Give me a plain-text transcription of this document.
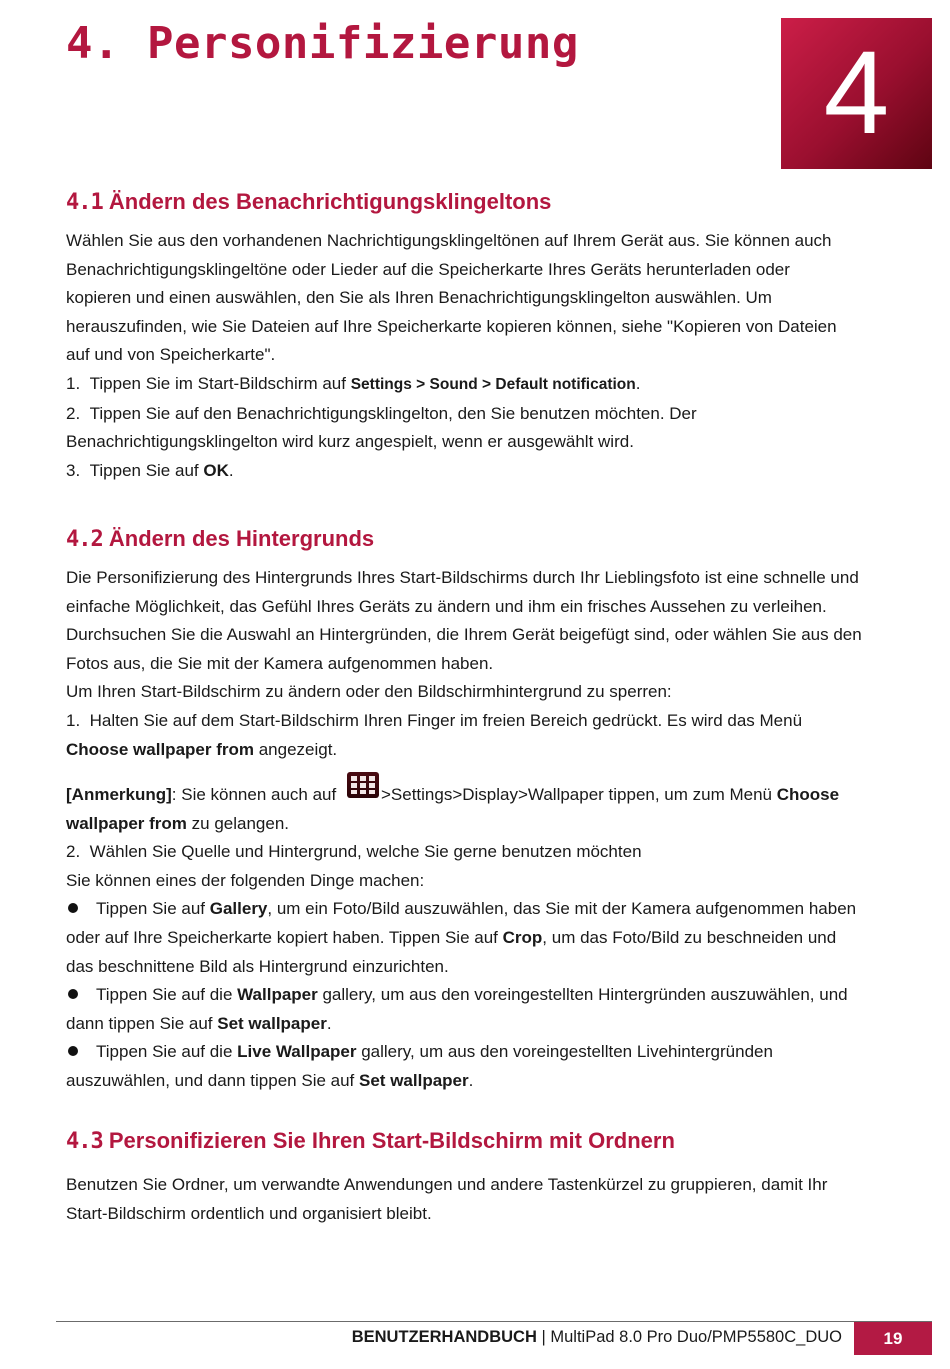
4. Personifizierung	4
4.1 Ändern des Benachrichtigungsklingeltons

Wählen Sie aus den vorhandenen Nachrichtigungsklingeltönen auf Ihrem Gerät aus. Sie können auch

Benachrichtigungsklingeltöne oder Lieder auf die Speicherkarte Ihres Geräts herunterladen oder

kopieren und einen auswählen, den Sie als Ihren Benachrichtigungsklingelton auswählen. Um

herauszufinden, wie Sie Dateien auf Ihre Speicherkarte kopieren können, siehe "Kopieren von Dateien

auf und von Speicherkarte".

1.  Tippen Sie im Start-Bildschirm auf Settings > Sound > Default notification.

2.  Tippen Sie auf den Benachrichtigungsklingelton, den Sie benutzen möchten. Der

Benachrichtigungsklingelton wird kurz angespielt, wenn er ausgewählt wird.

3.  Tippen Sie auf OK.

4.2 Ändern des Hintergrunds

Die Personifizierung des Hintergrunds Ihres Start-Bildschirms durch Ihr Lieblingsfoto ist eine schnelle und

einfache Möglichkeit, das Gefühl Ihres Geräts zu ändern und ihm ein frisches Aussehen zu verleihen.

Durchsuchen Sie die Auswahl an Hintergründen, die Ihrem Gerät beigefügt sind, oder wählen Sie aus den

Fotos aus, die Sie mit der Kamera aufgenommen haben.

Um Ihren Start-Bildschirm zu ändern oder den Bildschirmhintergrund zu sperren:

1.  Halten Sie auf dem Start-Bildschirm Ihren Finger im freien Bereich gedrückt. Es wird das Menü

Choose wallpaper from angezeigt.

[Anmerkung]: Sie können auch auf
>Settings>Display>Wallpaper tippen, um zum Menü Choose

wallpaper from zu gelangen.

2.  Wählen Sie Quelle und Hintergrund, welche Sie gerne benutzen möchten

Sie können eines der folgenden Dinge machen:

Tippen Sie auf Gallery, um ein Foto/Bild auszuwählen, das Sie mit der Kamera aufgenommen haben

oder auf Ihre Speicherkarte kopiert haben. Tippen Sie auf Crop, um das Foto/Bild zu beschneiden und

das beschnittene Bild als Hintergrund einzurichten.

Tippen Sie auf die Wallpaper gallery, um aus den voreingestellten Hintergründen auszuwählen, und

dann tippen Sie auf Set wallpaper.

Tippen Sie auf die Live Wallpaper gallery, um aus den voreingestellten Livehintergründen

auszuwählen, und dann tippen Sie auf Set wallpaper.

4.3 Personifizieren Sie Ihren Start-Bildschirm mit Ordnern

Benutzen Sie Ordner, um verwandte Anwendungen und andere Tastenkürzel zu gruppieren, damit Ihr

Start-Bildschirm ordentlich und organisiert bleibt.

BENUTZERHANDBUCH | MultiPad 8.0 Pro Duo/PMP5580C_DUO	19
